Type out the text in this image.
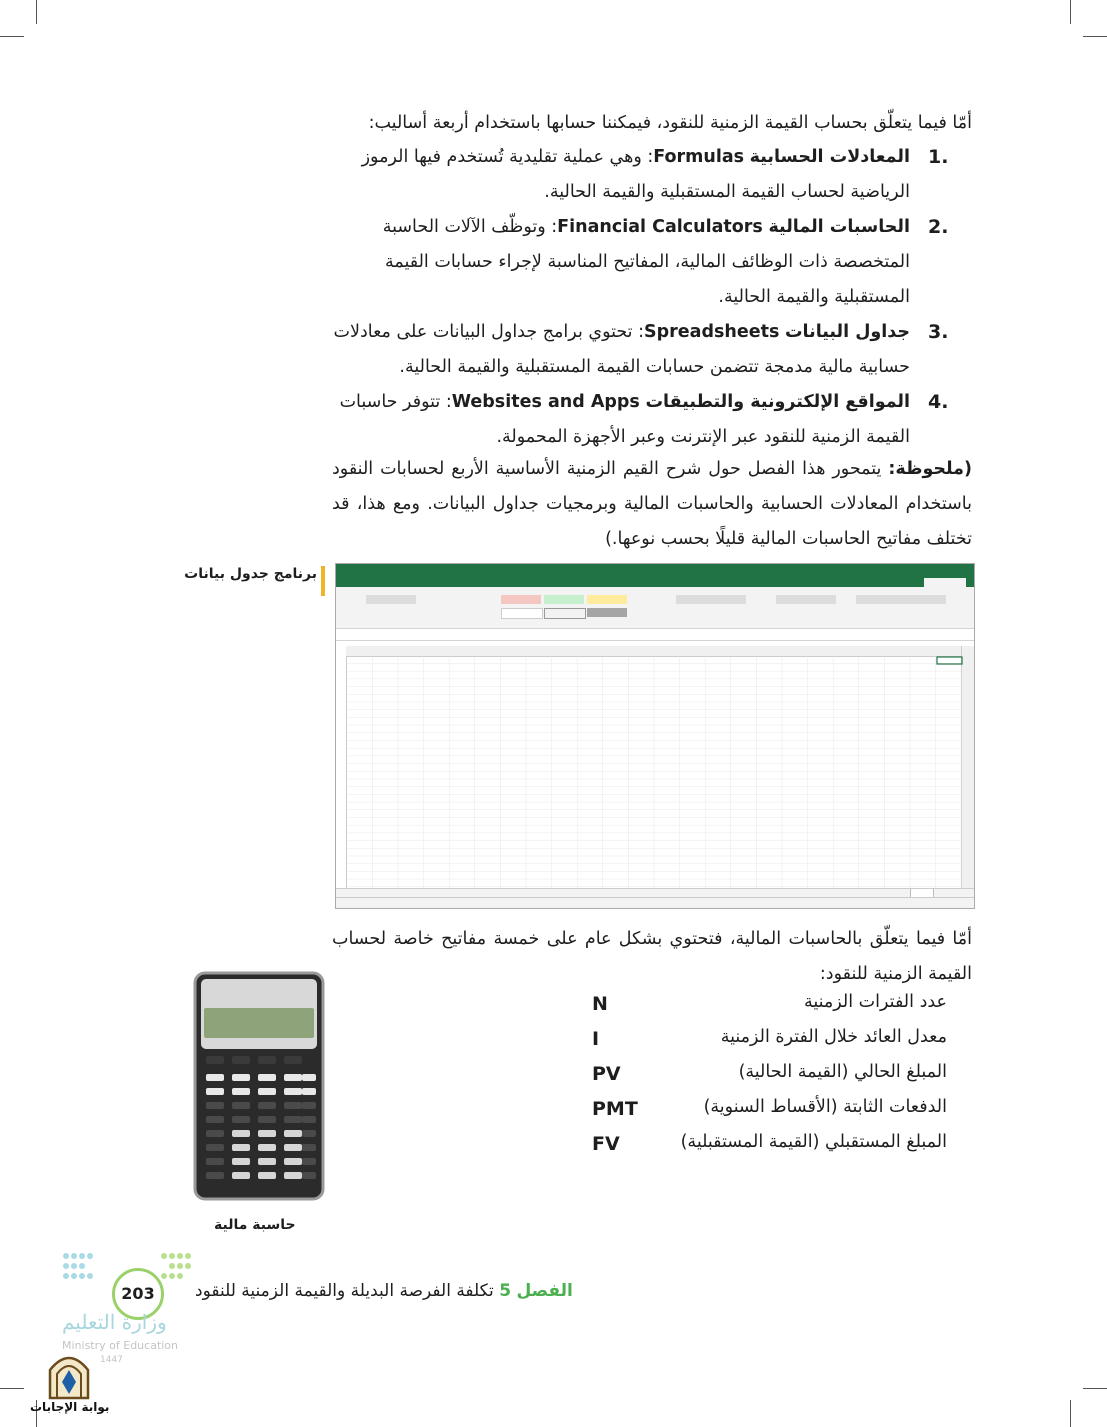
أمّا فيما يتعلّق بحساب القيمة الزمنية للنقود، فيمكننا حسابها باستخدام أربعة أساليب:
1.
المعادلات الحسابية Formulas: وهي عملية تقليدية تُستخدم فيها الرموز الرياضية لحساب القيمة المستقبلية والقيمة الحالية.
2.
الحاسبات المالية Financial Calculators: وتوظّف الآلات الحاسبة المتخصصة ذات الوظائف المالية، المفاتيح المناسبة لإجراء حسابات القيمة المستقبلية والقيمة الحالية.
3.
جداول البيانات Spreadsheets: تحتوي برامج جداول البيانات على معادلات حسابية مالية مدمجة تتضمن حسابات القيمة المستقبلية والقيمة الحالية.
4.
المواقع الإلكترونية والتطبيقات Websites and Apps: تتوفر حاسبات القيمة الزمنية للنقود عبر الإنترنت وعبر الأجهزة المحمولة.
(ملحوظة: يتمحور هذا الفصل حول شرح القيم الزمنية الأساسية الأربع لحسابات النقود باستخدام المعادلات الحسابية والحاسبات المالية وبرمجيات جداول البيانات. ومع هذا، قد تختلف مفاتيح الحاسبات المالية قليلًا بحسب نوعها.)
برنامج جدول بيانات
أمّا فيما يتعلّق بالحاسبات المالية، فتحتوي بشكل عام على خمسة مفاتيح خاصة لحساب القيمة الزمنية للنقود:
N	عدد الفترات الزمنية
I	معدل العائد خلال الفترة الزمنية
PV	المبلغ الحالي (القيمة الحالية)
PMT	الدفعات الثابتة (الأقساط السنوية)
FV	المبلغ المستقبلي (القيمة المستقبلية)
حاسبة مالية
203	الفصل 5 تكلفة الفرصة البديلة والقيمة الزمنية للنقود
وزارة التعليم
Ministry of Education
1447
بوابة الإجابات
